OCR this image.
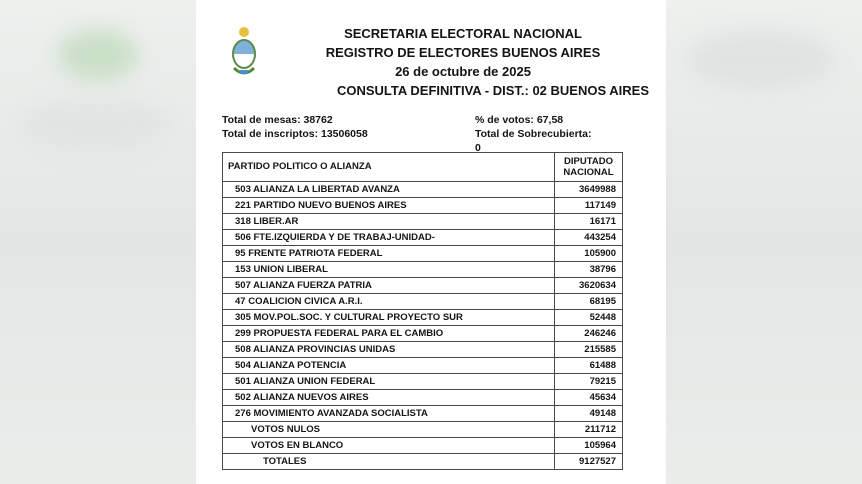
SECRETARIA ELECTORAL NACIONAL
REGISTRO DE ELECTORES BUENOS AIRES
26 de octubre de 2025
CONSULTA DEFINITIVA - DIST.: 02 BUENOS AIRES
Total de mesas: 38762
Total de inscriptos: 13506058
% de votos: 67,58
Total de Sobrecubierta:
0
PARTIDO POLITICO O ALIANZA	DIPUTADO
NACIONAL
503 ALIANZA LA LIBERTAD AVANZA	3649988
221 PARTIDO NUEVO BUENOS AIRES	117149
318 LIBER.AR	16171
506 FTE.IZQUIERDA Y DE TRABAJ-UNIDAD-	443254
95 FRENTE PATRIOTA FEDERAL	105900
153 UNION LIBERAL	38796
507 ALIANZA FUERZA PATRIA	3620634
47 COALICION CIVICA A.R.I.	68195
305 MOV.POL.SOC. Y CULTURAL PROYECTO SUR	52448
299 PROPUESTA FEDERAL PARA EL CAMBIO	246246
508 ALIANZA PROVINCIAS UNIDAS	215585
504 ALIANZA POTENCIA	61488
501 ALIANZA UNION FEDERAL	79215
502 ALIANZA NUEVOS AIRES	45634
276 MOVIMIENTO AVANZADA SOCIALISTA	49148
VOTOS NULOS	211712
VOTOS EN BLANCO	105964
TOTALES	9127527
